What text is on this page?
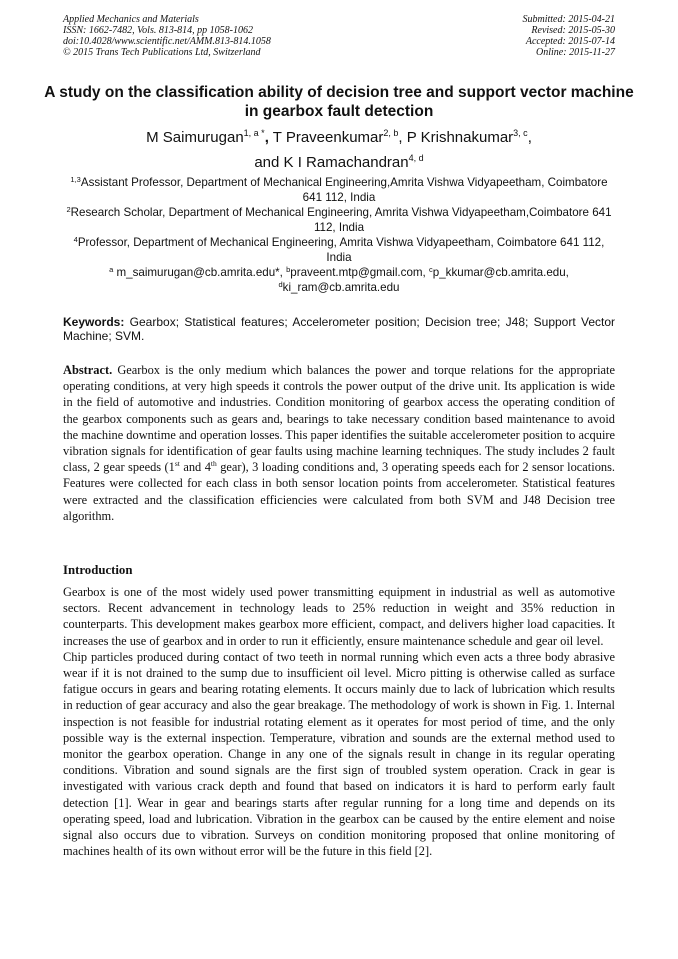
Applied Mechanics and Materials
ISSN: 1662-7482, Vols. 813-814, pp 1058-1062
doi:10.4028/www.scientific.net/AMM.813-814.1058
© 2015 Trans Tech Publications Ltd, Switzerland
Submitted: 2015-04-21
Revised: 2015-05-30
Accepted: 2015-07-14
Online: 2015-11-27
A study on the classification ability of decision tree and support vector machine in gearbox fault detection
M Saimurugan$^{1, a *}$, T Praveenkumar$^{2, b}$, P Krishnakumar$^{3, c}$,
and K I Ramachandran$^{4, d}$

$^{1,3}$Assistant Professor, Department of Mechanical Engineering,Amrita Vishwa Vidyapeetham, Coimbatore 641 112, India

$^2$Research Scholar, Department of Mechanical Engineering, Amrita Vishwa Vidyapeetham,Coimbatore 641 112, India

$^4$Professor, Department of Mechanical Engineering, Amrita Vishwa Vidyapeetham, Coimbatore 641 112, India

$^a$ m_saimurugan@cb.amrita.edu*, $^b$praveent.mtp@gmail.com, $^c$p_kkumar@cb.amrita.edu,
$^d$ki_ram@cb.amrita.edu

Keywords: Gearbox; Statistical features; Accelerometer position; Decision tree; J48; Support Vector Machine; SVM.
Abstract. Gearbox is the only medium which balances the power and torque relations for the appropriate operating conditions, at very high speeds it controls the power output of the drive unit. Its application is wide in the field of automotive and industries. Condition monitoring of gearbox access the operating condition of the gearbox components such as gears and, bearings to take necessary condition based maintenance to avoid the machine downtime and operation losses. This paper identifies the suitable accelerometer position to acquire vibration signals for identification of gear faults using machine learning techniques. The study includes 2 fault class, 2 gear speeds (1st and 4th gear), 3 loading conditions and, 3 operating speeds each for 2 sensor locations. Features were collected for each class in both sensor location points from accelerometer. Statistical features were extracted and the classification efficiencies were calculated from both SVM and J48 Decision tree algorithm.
Introduction

Gearbox is one of the most widely used power transmitting equipment in industrial as well as automotive sectors. Recent advancement in technology leads to 25% reduction in weight and 35% reduction in counterparts. This development makes gearbox more efficient, compact, and delivers higher load capacities. It increases the use of gearbox and in order to run it efficiently, ensure maintenance schedule and gear oil level.

Chip particles produced during contact of two teeth in normal running which even acts a three body abrasive wear if it is not drained to the sump due to insufficient oil level. Micro pitting is otherwise called as surface fatigue occurs in gears and bearing rotating elements. It occurs mainly due to lack of lubrication which results in reduction of gear accuracy and also the gear breakage. The methodology of work is shown in Fig. 1. Internal inspection is not feasible for industrial rotating element as it operates for most period of time, and the only possible way is the external inspection. Temperature, vibration and sounds are the external method used to monitor the gearbox operation. Change in any one of the signals result in change in its regular operating conditions. Vibration and sound signals are the first sign of troubled system operation. Crack in gear is investigated with various crack depth and found that based on indicators it is hard to perform early fault detection [1]. Wear in gear and bearings starts after regular running for a long time and depends on its operating speed, load and lubrication. Vibration in the gearbox can be caused by the entire element and noise signal also occurs due to vibration. Surveys on condition monitoring proposed that online monitoring of machines health of its own without error will be the future in this field [2].
